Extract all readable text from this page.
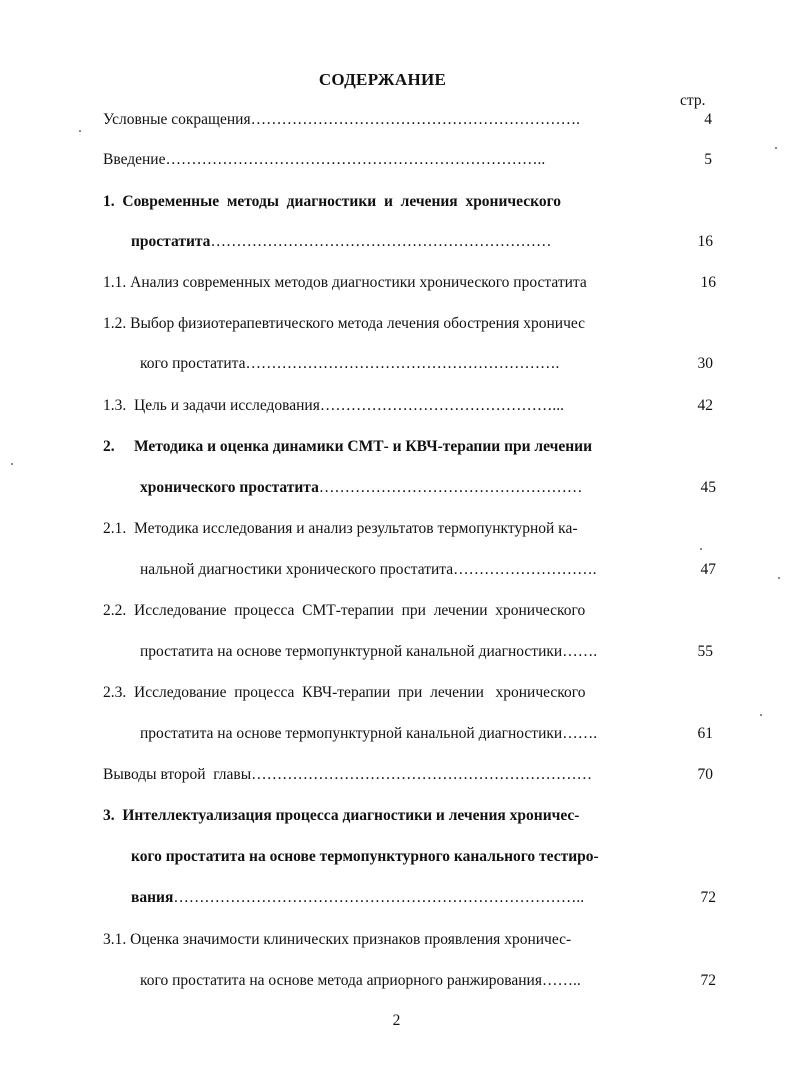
СОДЕРЖАНИЕ
стр.
Условные сокращения ……………………………………………………….	4
Введение ………………………………………………………………..	5
1.  Современные  методы  диагностики  и  лечения  хронического
простатита …………………………………………………………	16
1.1. Анализ современных методов диагностики хронического простатита	16
1.2. Выбор физиотерапевтического метода лечения обострения хроничес
кого простатита …………………………………………………….	30
1.3.  Цель и задачи исследования ………………………………………...	42
2.     Методика и оценка динамики СМТ- и КВЧ-терапии при лечении
хронического простатита ……………………………………………	45
2.1.  Методика исследования и анализ результатов термопунктурной ка-
нальной диагностики хронического простатита ……………………….	47
2.2.  Исследование  процесса  СМТ-терапии  при  лечении  хронического
простатита на основе термопунктурной канальной диагностики …….	55
2.3.  Исследование  процесса  КВЧ-терапии  при  лечении   хронического
простатита на основе термопунктурной канальной диагностики …….	61
Выводы второй  главы …………………………………………………………	70
3.  Интеллектуализация процесса диагностики и лечения хроничес-
кого простатита на основе термопунктурного канального тестиро-
вания ……………………………………………………………………..	72
3.1. Оценка значимости клинических признаков проявления хроничес-
кого простатита на основе метода априорного ранжирования ……..	72
2
